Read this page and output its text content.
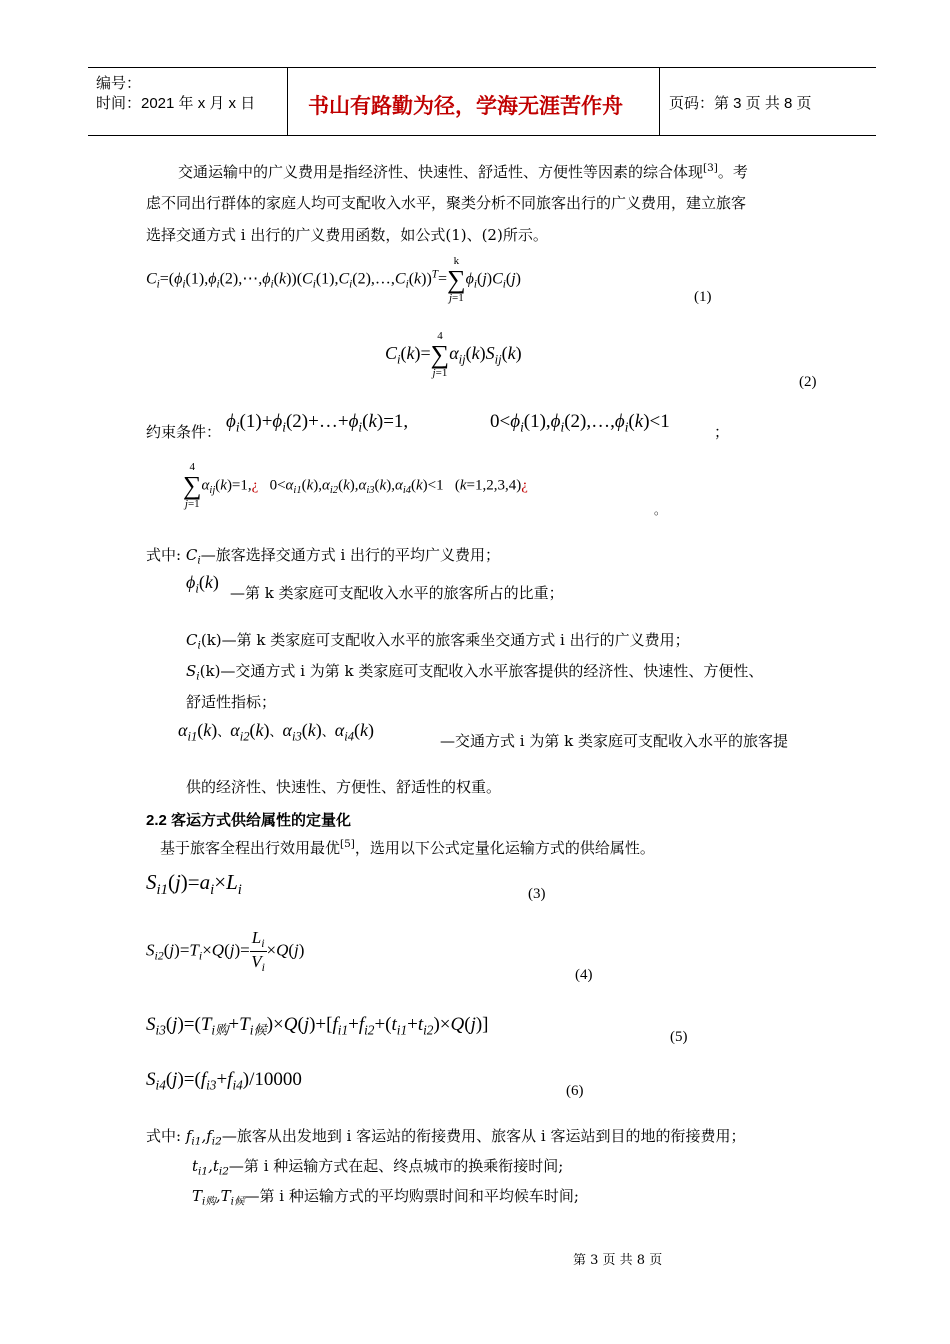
编号：
时间：2021 年 x 月 x 日	书山有路勤为径，学海无涯苦作舟	页码：第 3 页 共 8 页
交通运输中的广义费用是指经济性、快速性、舒适性、方便性等因素的综合体现[3]。考
虑不同出行群体的家庭人均可支配收入水平，聚类分析不同旅客出行的广义费用，建立旅客
选择交通方式 i 出行的广义费用函数，如公式(1)、(2)所示。
$C_i=(\phi_i(1),\phi_i(2),\cdots,\phi_i(k))(C_i(1),C_i(2),\dots,C_i(k))^T=$
k
∑
j=1
$\phi_i(j)C_i(j)$
(1)
$C_i(k)=$
4
∑
j=1
$\alpha_{ij}(k)S_{ij}(k)$
(2)
约束条件： $\phi_i(1)+\phi_i(2)+\dots+\phi_i(k)=1$,	$0<\phi_i(1),\phi_i(2),\dots,\phi_i(k)<1$	；
4
∑
j=1
$\alpha_{ij}(k)=1,¿$   $0<\alpha_{i1}(k),\alpha_{i2}(k),\alpha_{i3}(k),\alpha_{i4}(k)<1$   (k=1,2,3,4)¿
。
式中: $C_i—$旅客选择交通方式 i 出行的平均广义费用；
$\phi_i(k)$
—第 k 类家庭可支配收入水平的旅客所占的比重；
$C_i(k)—$第 k 类家庭可支配收入水平的旅客乘坐交通方式 i 出行的广义费用；
$S_i(k)—$交通方式 i 为第 k 类家庭可支配收入水平旅客提供的经济性、快速性、方便性、
舒适性指标；
$\alpha_{i1}(k)$、$\alpha_{i2}(k)$、$\alpha_{i3}(k)$、$\alpha_{i4}(k)$
—交通方式 i 为第 k 类家庭可支配收入水平的旅客提
供的经济性、快速性、方便性、舒适性的权重。
2.2 客运方式供给属性的定量化
基于旅客全程出行效用最优[5]，选用以下公式定量化运输方式的供给属性。
$S_{i1}(j)=a_i\times L_i$	(3)
$S_{i2}(j)=T_i\times Q(j)= \frac{L_i}{V_i} \times Q(j)$
(4)
$S_{i3}(j)=(T_{i购}+T_{i候})\times Q(j)+[f_{i1}+f_{i2}+(t_{i1}+t_{i2})\times Q(j)]$
(5)
$S_{i4}(j)=(f_{i3}+f_{i4})/10000$
(6)
式中: $f_{i1},f_{i2}—$旅客从出发地到 i 客运站的衔接费用、旅客从 i 客运站到目的地的衔接费用；
$t_{i1},t_{i2}—$第 i 种运输方式在起、终点城市的换乘衔接时间;
$T_{i购},T_{i候}—$第 i 种运输方式的平均购票时间和平均候车时间;
第 3 页 共 8 页
